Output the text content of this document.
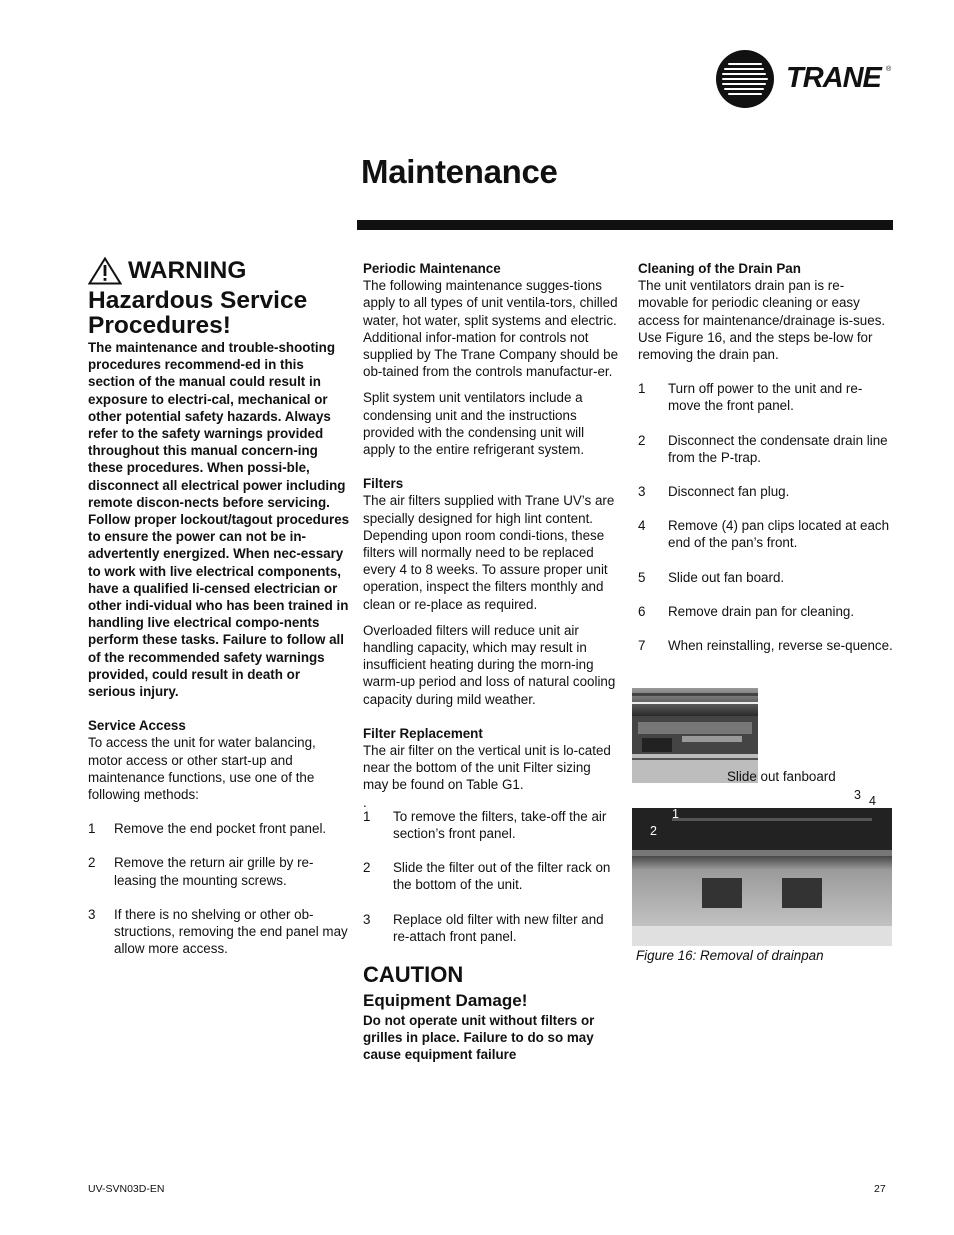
TRANE ®
Maintenance

WARNING

Hazardous Service

Procedures!

The maintenance and trouble-shooting procedures recommend-ed in this section of the manual could result in exposure to electri-cal, mechanical or other potential safety hazards. Always refer to the safety warnings provided throughout this manual concern-ing these procedures. When possi-ble, disconnect all electrical power including remote discon-nects before servicing. Follow proper lockout/tagout procedures to ensure the power can not be in-advertently energized. When nec-essary to work with live electrical components, have a qualified li-censed electrician or other indi-vidual who has been trained in handling live electrical compo-nents perform these tasks. Failure to follow all of the recommended safety warnings provided, could result in death or serious injury.

Service Access

To access the unit for water balancing, motor access or other start-up and maintenance functions, use one of the following methods:

1 Remove the end pocket front panel.
2 Remove the return air grille by re-leasing the mounting screws.
3 If there is no shelving or other ob-structions, removing the end panel may allow more access.

Periodic Maintenance

The following maintenance sugges-tions apply to all types of unit ventila-tors, chilled water, hot water, split systems and electric. Additional infor-mation for controls not supplied by The Trane Company should be ob-tained from the controls manufactur-er.

Split system unit ventilators include a condensing unit and the instructions provided with the condensing unit will apply to the entire refrigerant system.

Filters

The air filters supplied with Trane UV’s are specially designed for high lint content. Depending upon room condi-tions, these filters will normally need to be replaced every 4 to 8 weeks. To assure proper unit operation, inspect the filters monthly and clean or re-place as required.

Overloaded filters will reduce unit air handling capacity, which may result in insufficient heating during the morn-ing warm-up period and loss of natural cooling capacity during mild weather.

Filter Replacement

The air filter on the vertical unit is lo-cated near the bottom of the unit Filter sizing may be found on Table G1.

.

1 To remove the filters, take-off the air section’s front panel.
2 Slide the filter out of the filter rack on the bottom of the unit.
3 Replace old filter with new filter and re-attach front panel.

CAUTION

Equipment Damage!

Do not operate unit without filters or grilles in place. Failure to do so may cause equipment failure

Cleaning of the Drain Pan

The unit ventilators drain pan is re-movable for periodic cleaning or easy access for maintenance/drainage is-sues. Use Figure 16, and the steps be-low for removing the drain pan.

1 Turn off power to the unit and re-move the front panel.
2 Disconnect the condensate drain line from the P-trap.
3 Disconnect fan plug.
4 Remove (4) pan clips located at each end of the pan’s front.
5 Slide out fan board.
6 Remove drain pan for cleaning.
7 When reinstalling, reverse se-quence.
Slide out fanboard
1
2
3 4
Figure 16: Removal of drainpan
UV-SVN03D-EN	27
